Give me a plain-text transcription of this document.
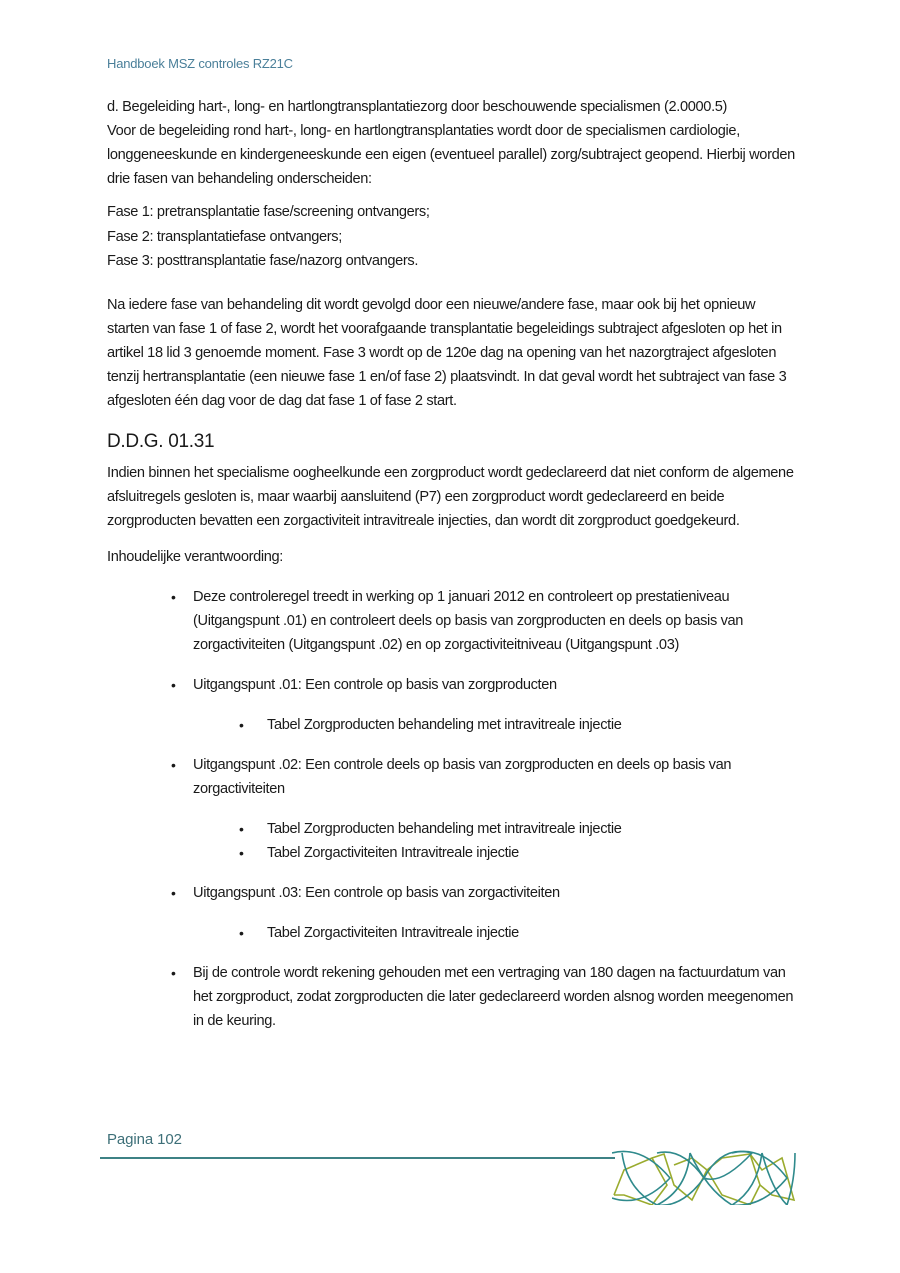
Handboek MSZ controles RZ21C

d. Begeleiding hart-, long- en hartlongtransplantatiezorg door beschouwende specialismen (2.0000.5)
Voor de begeleiding rond hart-, long- en hartlongtransplantaties wordt door de specialismen cardiologie, longgeneeskunde en kindergeneeskunde een eigen (eventueel parallel) zorg/subtraject geopend. Hierbij worden drie fasen van behandeling onderscheiden:

Fase 1: pretransplantatie fase/screening ontvangers;

Fase 2: transplantatiefase ontvangers;

Fase 3: posttransplantatie fase/nazorg ontvangers.

Na iedere fase van behandeling dit wordt gevolgd door een nieuwe/andere fase, maar ook bij het opnieuw starten van fase 1 of fase 2, wordt het voorafgaande transplantatie begeleidings subtraject afgesloten op het in artikel 18 lid 3 genoemde moment. Fase 3 wordt op de 120e dag na opening van het nazorgtraject afgesloten tenzij hertransplantatie (een nieuwe fase 1 en/of fase 2) plaatsvindt. In dat geval wordt het subtraject van fase 3 afgesloten één dag voor de dag dat fase 1 of fase 2 start.

D.D.G. 01.31

Indien binnen het specialisme oogheelkunde een zorgproduct wordt gedeclareerd dat niet conform de algemene afsluitregels gesloten is, maar waarbij aansluitend (P7) een zorgproduct wordt gedeclareerd en beide zorgproducten bevatten een zorgactiviteit intravitreale injecties, dan wordt dit zorgproduct goedgekeurd.

Inhoudelijke verantwoording:

• Deze controleregel treedt in werking op 1 januari 2012 en controleert op prestatieniveau (Uitgangspunt .01) en controleert deels op basis van zorgproducten en deels op basis van zorgactiviteiten (Uitgangspunt .02) en op zorgactiviteitniveau (Uitgangspunt .03)
• Uitgangspunt .01: Een controle op basis van zorgproducten
• Tabel Zorgproducten behandeling met intravitreale injectie
• Uitgangspunt .02: Een controle deels op basis van zorgproducten en deels op basis van zorgactiviteiten
• Tabel Zorgproducten behandeling met intravitreale injectie
• Tabel Zorgactiviteiten Intravitreale injectie
• Uitgangspunt .03: Een controle op basis van zorgactiviteiten
• Tabel Zorgactiviteiten Intravitreale injectie
• Bij de controle wordt rekening gehouden met een vertraging van 180 dagen na factuurdatum van het zorgproduct, zodat zorgproducten die later gedeclareerd worden alsnog worden meegenomen in de keuring.
Pagina 102
